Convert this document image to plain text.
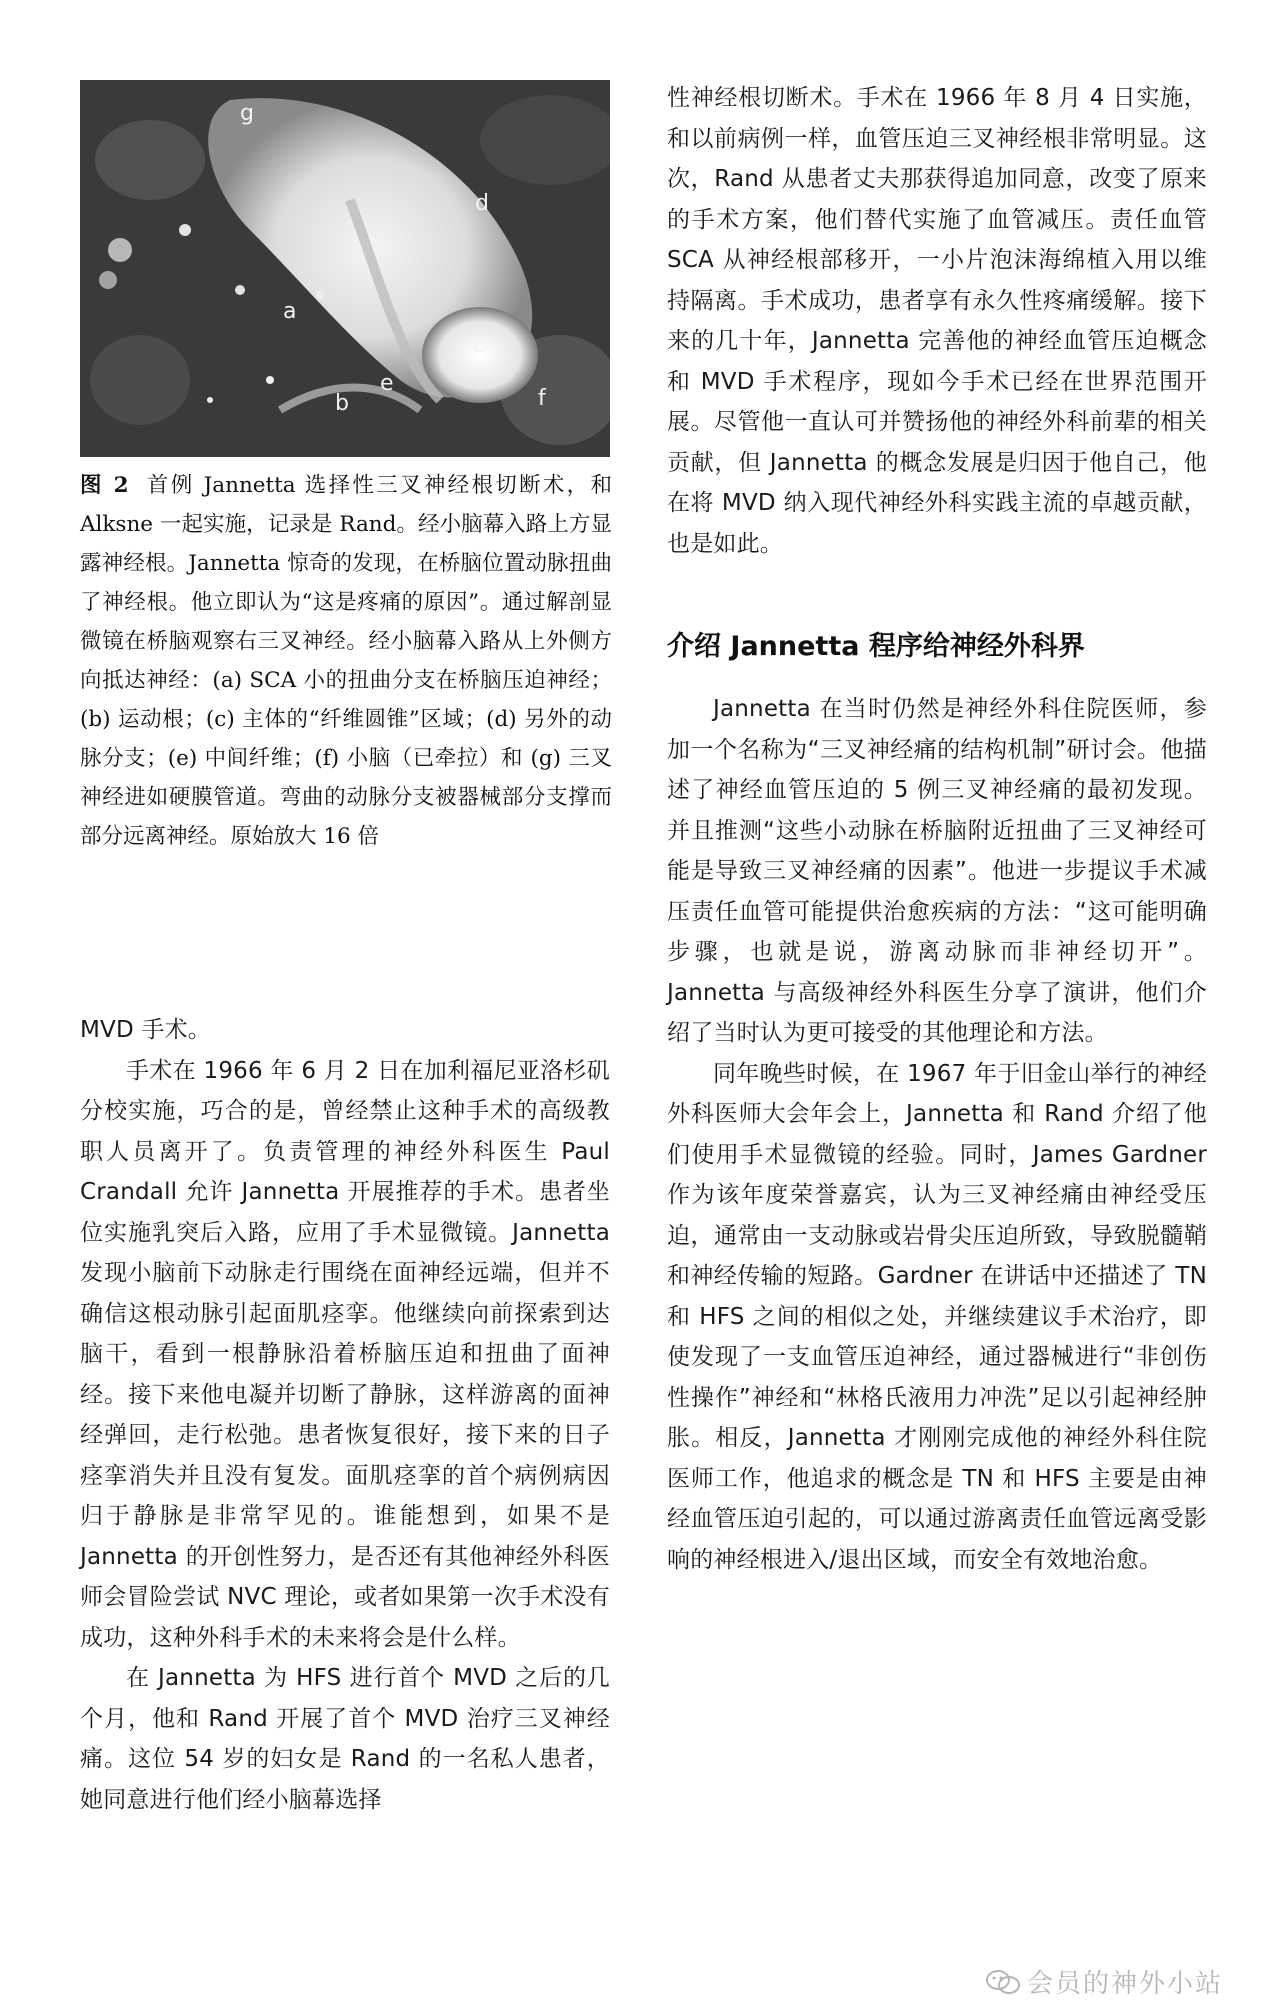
g
d
a
c
e
b	f
图 2 首例 Jannetta 选择性三叉神经根切断术，和 Alksne 一起实施，记录是 Rand。经小脑幕入路上方显露神经根。Jannetta 惊奇的发现，在桥脑位置动脉扭曲了神经根。他立即认为“这是疼痛的原因”。通过解剖显微镜在桥脑观察右三叉神经。经小脑幕入路从上外侧方向抵达神经：(a) SCA 小的扭曲分支在桥脑压迫神经；(b) 运动根；(c) 主体的“纤维圆锥”区域；(d) 另外的动脉分支；(e) 中间纤维；(f) 小脑（已牵拉）和 (g) 三叉神经进如硬膜管道。弯曲的动脉分支被器械部分支撑而部分远离神经。原始放大 16 倍

MVD 手术。

手术在 1966 年 6 月 2 日在加利福尼亚洛杉矶分校实施，巧合的是，曾经禁止这种手术的高级教职人员离开了。负责管理的神经外科医生 Paul Crandall 允许 Jannetta 开展推荐的手术。患者坐位实施乳突后入路，应用了手术显微镜。Jannetta 发现小脑前下动脉走行围绕在面神经远端，但并不确信这根动脉引起面肌痉挛。他继续向前探索到达脑干，看到一根静脉沿着桥脑压迫和扭曲了面神经。接下来他电凝并切断了静脉，这样游离的面神经弹回，走行松弛。患者恢复很好，接下来的日子痉挛消失并且没有复发。面肌痉挛的首个病例病因归于静脉是非常罕见的。谁能想到，如果不是 Jannetta 的开创性努力，是否还有其他神经外科医师会冒险尝试 NVC 理论，或者如果第一次手术没有成功，这种外科手术的未来将会是什么样。

在 Jannetta 为 HFS 进行首个 MVD 之后的几个月，他和 Rand 开展了首个 MVD 治疗三叉神经痛。这位 54 岁的妇女是 Rand 的一名私人患者，她同意进行他们经小脑幕选择

性神经根切断术。手术在 1966 年 8 月 4 日实施，和以前病例一样，血管压迫三叉神经根非常明显。这次，Rand 从患者丈夫那获得追加同意，改变了原来的手术方案，他们替代实施了血管减压。责任血管 SCA 从神经根部移开，一小片泡沫海绵植入用以维持隔离。手术成功，患者享有永久性疼痛缓解。接下来的几十年，Jannetta 完善他的神经血管压迫概念和 MVD 手术程序，现如今手术已经在世界范围开展。尽管他一直认可并赞扬他的神经外科前辈的相关贡献，但 Jannetta 的概念发展是归因于他自己，他在将 MVD 纳入现代神经外科实践主流的卓越贡献，也是如此。

介绍 Jannetta 程序给神经外科界

Jannetta 在当时仍然是神经外科住院医师，参加一个名称为“三叉神经痛的结构机制”研讨会。他描述了神经血管压迫的 5 例三叉神经痛的最初发现。并且推测“这些小动脉在桥脑附近扭曲了三叉神经可能是导致三叉神经痛的因素”。他进一步提议手术减压责任血管可能提供治愈疾病的方法：“这可能明确步骤，也就是说，游离动脉而非神经切开”。Jannetta 与高级神经外科医生分享了演讲，他们介绍了当时认为更可接受的其他理论和方法。

同年晚些时候，在 1967 年于旧金山举行的神经外科医师大会年会上，Jannetta 和 Rand 介绍了他们使用手术显微镜的经验。同时，James Gardner 作为该年度荣誉嘉宾，认为三叉神经痛由神经受压迫，通常由一支动脉或岩骨尖压迫所致，导致脱髓鞘和神经传输的短路。Gardner 在讲话中还描述了 TN 和 HFS 之间的相似之处，并继续建议手术治疗，即使发现了一支血管压迫神经，通过器械进行“非创伤性操作”神经和“林格氏液用力冲洗”足以引起神经肿胀。相反，Jannetta 才刚刚完成他的神经外科住院医师工作，他追求的概念是 TN 和 HFS 主要是由神经血管压迫引起的，可以通过游离责任血管远离受影响的神经根进入/退出区域，而安全有效地治愈。

会员的神外小站
